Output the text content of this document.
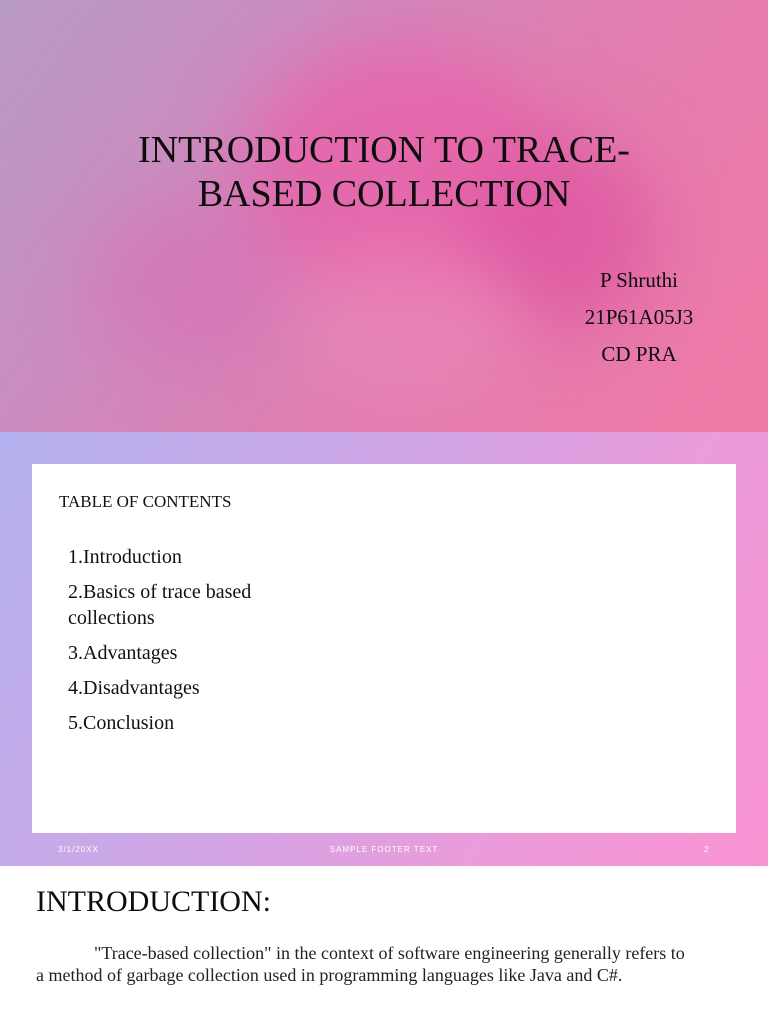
INTRODUCTION TO TRACE-BASED COLLECTION
P Shruthi
21P61A05J3
CD PRA
TABLE OF CONTENTS
1.Introduction
2.Basics of trace based collections
3.Advantages
4.Disadvantages
5.Conclusion
3/1/20XX	SAMPLE FOOTER TEXT	2
INTRODUCTION:

"Trace-based collection" in the context of software engineering generally refers to a method of garbage collection used in programming languages like Java and C#.
